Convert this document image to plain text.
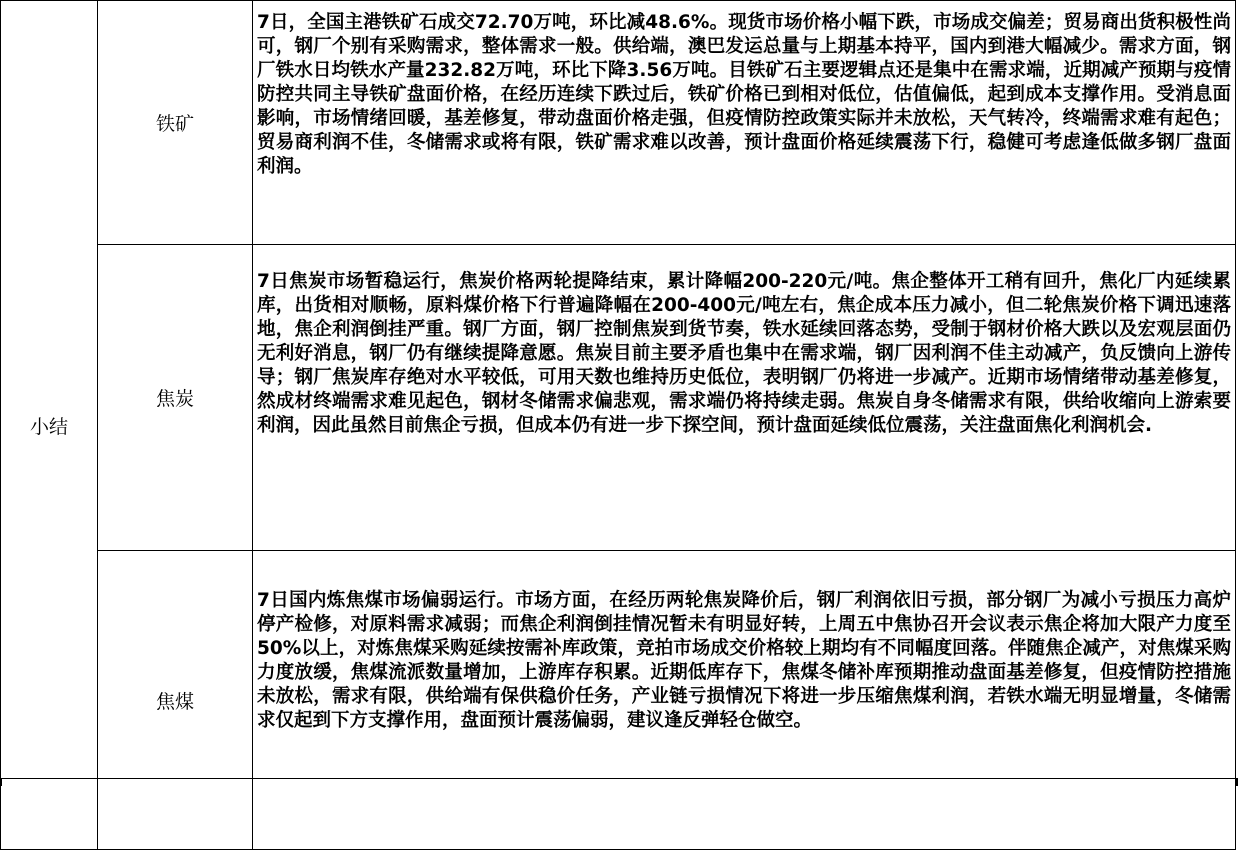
小结	铁矿	7日，全国主港铁矿石成交72.70万吨，环比减48.6%。现货市场价格小幅下跌，市场成交偏差；贸易商出货积极性尚可，钢厂个别有采购需求，整体需求一般。供给端，澳巴发运总量与上期基本持平，国内到港大幅减少。需求方面，钢厂铁水日均铁水产量232.82万吨，环比下降3.56万吨。目铁矿石主要逻辑点还是集中在需求端，近期减产预期与疫情防控共同主导铁矿盘面价格，在经历连续下跌过后，铁矿价格已到相对低位，估值偏低，起到成本支撑作用。受消息面影响，市场情绪回暖，基差修复，带动盘面价格走强，但疫情防控政策实际并未放松，天气转冷，终端需求难有起色；贸易商利润不佳，冬储需求或将有限，铁矿需求难以改善，预计盘面价格延续震荡下行，稳健可考虑逢低做多钢厂盘面利润。

	焦炭	7日焦炭市场暂稳运行，焦炭价格两轮提降结束，累计降幅200-220元/吨。焦企整体开工稍有回升，焦化厂内延续累库，出货相对顺畅，原料煤价格下行普遍降幅在200-400元/吨左右，焦企成本压力减小，但二轮焦炭价格下调迅速落地，焦企利润倒挂严重。钢厂方面，钢厂控制焦炭到货节奏，铁水延续回落态势，受制于钢材价格大跌以及宏观层面仍无利好消息，钢厂仍有继续提降意愿。焦炭目前主要矛盾也集中在需求端，钢厂因利润不佳主动减产，负反馈向上游传导；钢厂焦炭库存绝对水平较低，可用天数也维持历史低位，表明钢厂仍将进一步减产。近期市场情绪带动基差修复，然成材终端需求难见起色，钢材冬储需求偏悲观，需求端仍将持续走弱。焦炭自身冬储需求有限，供给收缩向上游索要利润，因此虽然目前焦企亏损，但成本仍有进一步下探空间，预计盘面延续低位震荡，关注盘面焦化利润机会.

	焦煤	7日国内炼焦煤市场偏弱运行。市场方面，在经历两轮焦炭降价后，钢厂利润依旧亏损，部分钢厂为减小亏损压力高炉停产检修，对原料需求减弱；而焦企利润倒挂情况暂未有明显好转，上周五中焦协召开会议表示焦企将加大限产力度至50%以上，对炼焦煤采购延续按需补库政策，竞拍市场成交价格较上期均有不同幅度回落。伴随焦企减产，对焦煤采购力度放缓，焦煤流派数量增加，上游库存积累。近期低库存下，焦煤冬储补库预期推动盘面基差修复，但疫情防控措施未放松，需求有限，供给端有保供稳价任务，产业链亏损情况下将进一步压缩焦煤利润，若铁水端无明显增量，冬储需求仅起到下方支撑作用，盘面预计震荡偏弱，建议逢反弹轻仓做空。
